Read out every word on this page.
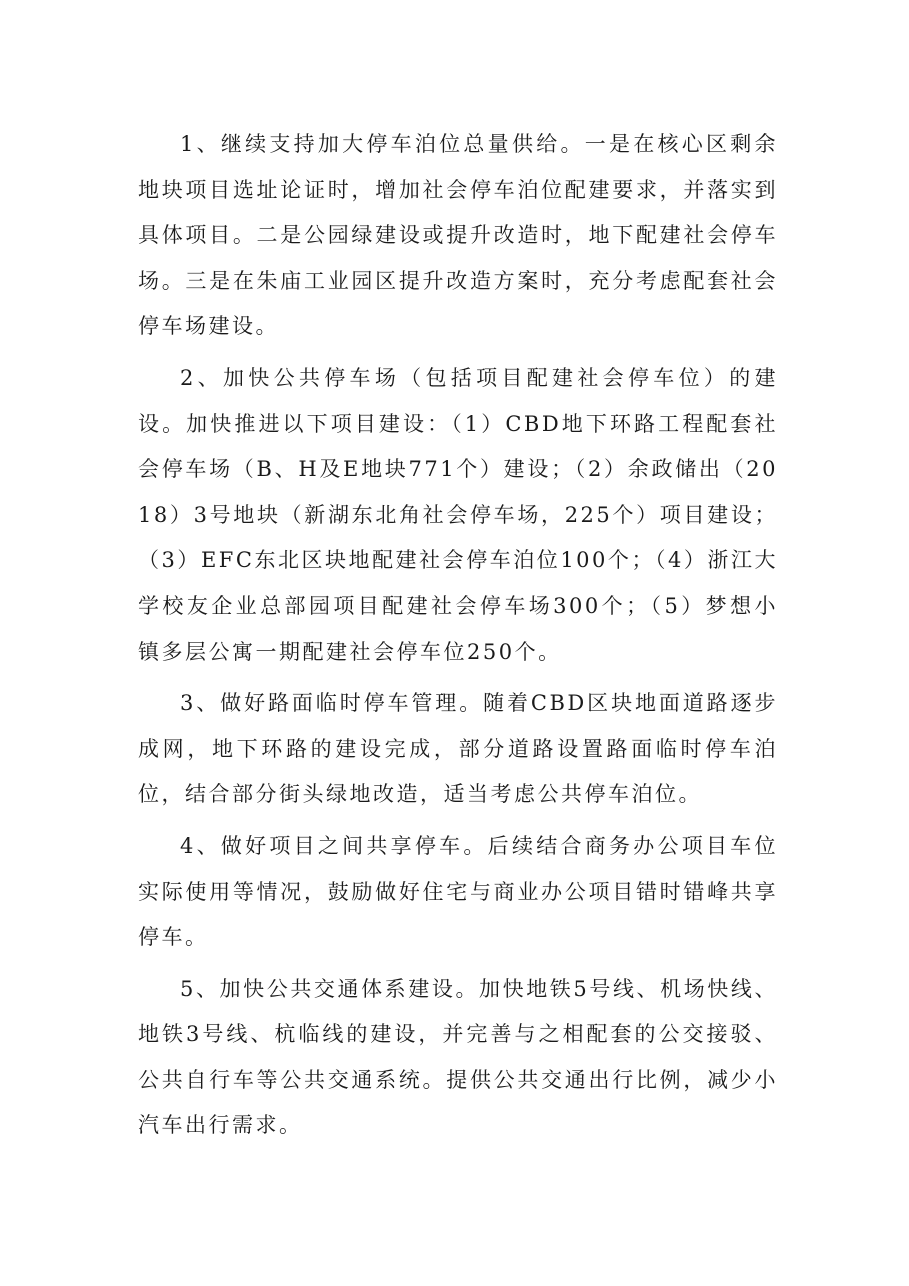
1、继续支持加大停车泊位总量供给。一是在核心区剩余地块项目选址论证时，增加社会停车泊位配建要求，并落实到具体项目。二是公园绿建设或提升改造时，地下配建社会停车场。三是在朱庙工业园区提升改造方案时，充分考虑配套社会停车场建设。

2、加快公共停车场（包括项目配建社会停车位）的建设。加快推进以下项目建设：（1）CBD地下环路工程配套社会停车场（B、H及E地块771个）建设；（2）余政储出（2018）3号地块（新湖东北角社会停车场，225个）项目建设；（3）EFC东北区块地配建社会停车泊位100个；（4）浙江大学校友企业总部园项目配建社会停车场300个；（5）梦想小镇多层公寓一期配建社会停车位250个。

3、做好路面临时停车管理。随着CBD区块地面道路逐步成网，地下环路的建设完成，部分道路设置路面临时停车泊位，结合部分街头绿地改造，适当考虑公共停车泊位。

4、做好项目之间共享停车。后续结合商务办公项目车位实际使用等情况，鼓励做好住宅与商业办公项目错时错峰共享停车。

5、加快公共交通体系建设。加快地铁5号线、机场快线、地铁3号线、杭临线的建设，并完善与之相配套的公交接驳、公共自行车等公共交通系统。提供公共交通出行比例，减少小汽车出行需求。
